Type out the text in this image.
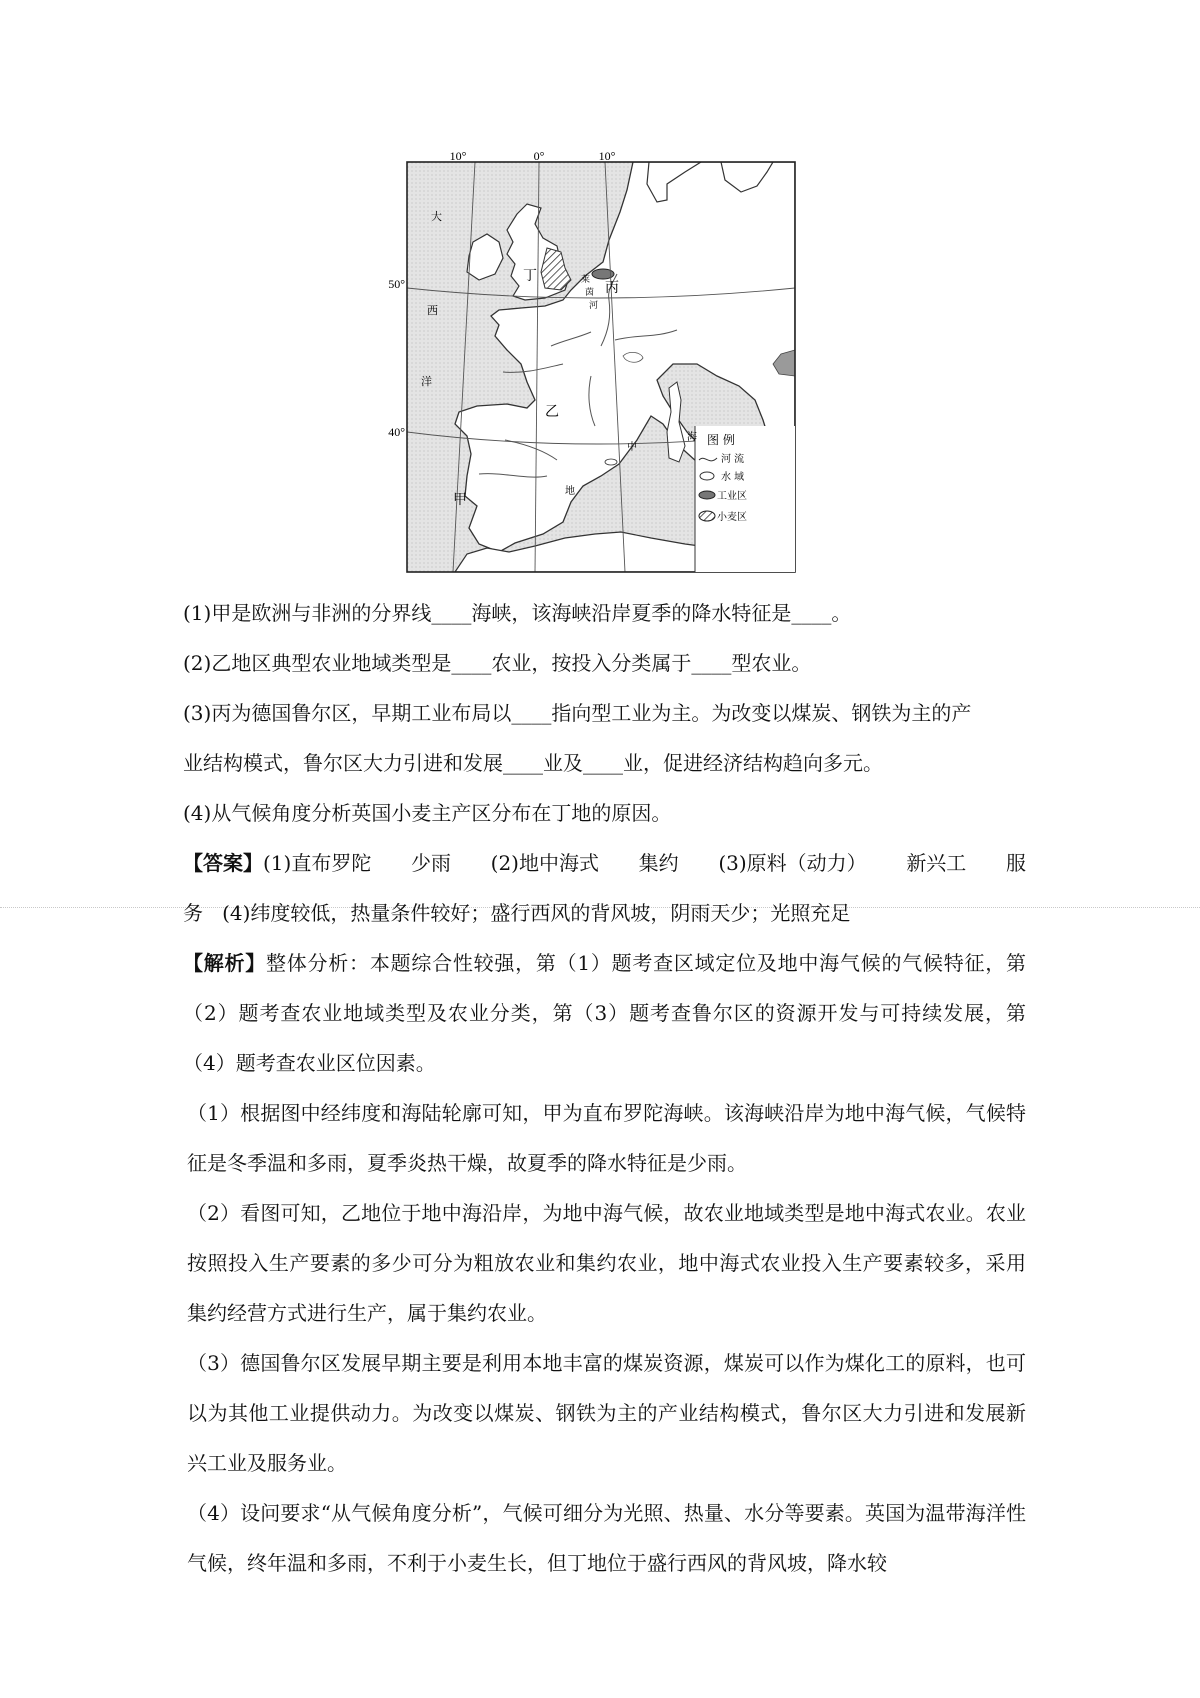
10°	0°	10°
50°
40°
大
西
洋
地
中
海
甲
乙
丙
丁	莱
茵
河
图 例
河 流
水 域
工业区
小麦区

(1)甲是欧洲与非洲的分界线____海峡，该海峡沿岸夏季的降水特征是____。

(2)乙地区典型农业地域类型是____农业，按投入分类属于____型农业。

(3)丙为德国鲁尔区，早期工业布局以____指向型工业为主。为改变以煤炭、钢铁为主的产

业结构模式，鲁尔区大力引进和发展____业及____业，促进经济结构趋向多元。

(4)从气候角度分析英国小麦主产区分布在丁地的原因。

【答案】(1)直布罗陀 少雨 (2)地中海式 集约 (3)原料（动力） 新兴工 服
务   (4)纬度较低，热量条件较好；盛行西风的背风坡，阴雨天少；光照充足

【解析】整体分析：本题综合性较强，第（1）题考查区域定位及地中海气候的气候特征，第（2）题考查农业地域类型及农业分类，第（3）题考查鲁尔区的资源开发与可持续发展，第（4）题考查农业区位因素。

（1）根据图中经纬度和海陆轮廓可知，甲为直布罗陀海峡。该海峡沿岸为地中海气候，气候特征是冬季温和多雨，夏季炎热干燥，故夏季的降水特征是少雨。

（2）看图可知，乙地位于地中海沿岸，为地中海气候，故农业地域类型是地中海式农业。农业按照投入生产要素的多少可分为粗放农业和集约农业，地中海式农业投入生产要素较多，采用集约经营方式进行生产，属于集约农业。

（3）德国鲁尔区发展早期主要是利用本地丰富的煤炭资源，煤炭可以作为煤化工的原料，也可以为其他工业提供动力。为改变以煤炭、钢铁为主的产业结构模式，鲁尔区大力引进和发展新兴工业及服务业。

（4）设问要求“从气候角度分析”，气候可细分为光照、热量、水分等要素。英国为温带海洋性气候，终年温和多雨，不利于小麦生长，但丁地位于盛行西风的背风坡，降水较
